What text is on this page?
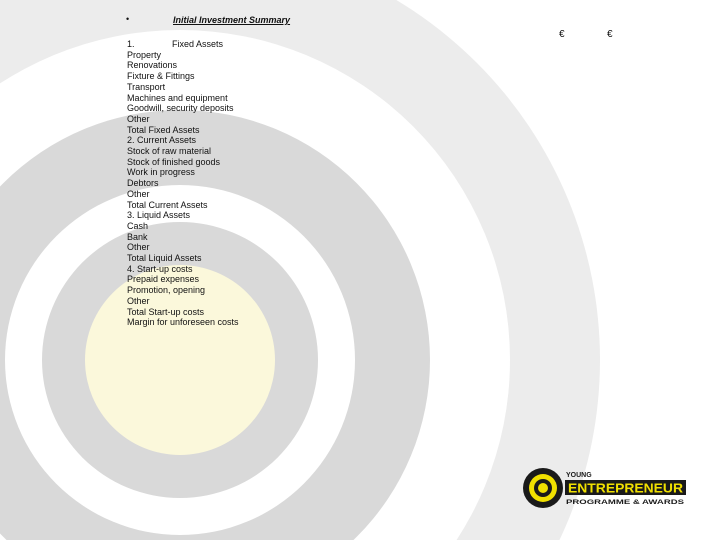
•	Initial Investment Summary
€	€
1.	Fixed Assets
Property
Renovations
Fixture & Fittings
Transport
Machines and equipment
Goodwill, security deposits
Other
Total Fixed Assets
2. Current Assets
Stock of raw material
Stock of finished goods
Work in progress
Debtors
Other
Total Current Assets
3. Liquid Assets
Cash
Bank
Other
Total Liquid Assets
4. Start-up costs
Prepaid expenses
Promotion, opening
Other
Total Start-up costs
Margin for unforeseen costs
YOUNG
ENTREPRENEUR
PROGRAMME & AWARDS
